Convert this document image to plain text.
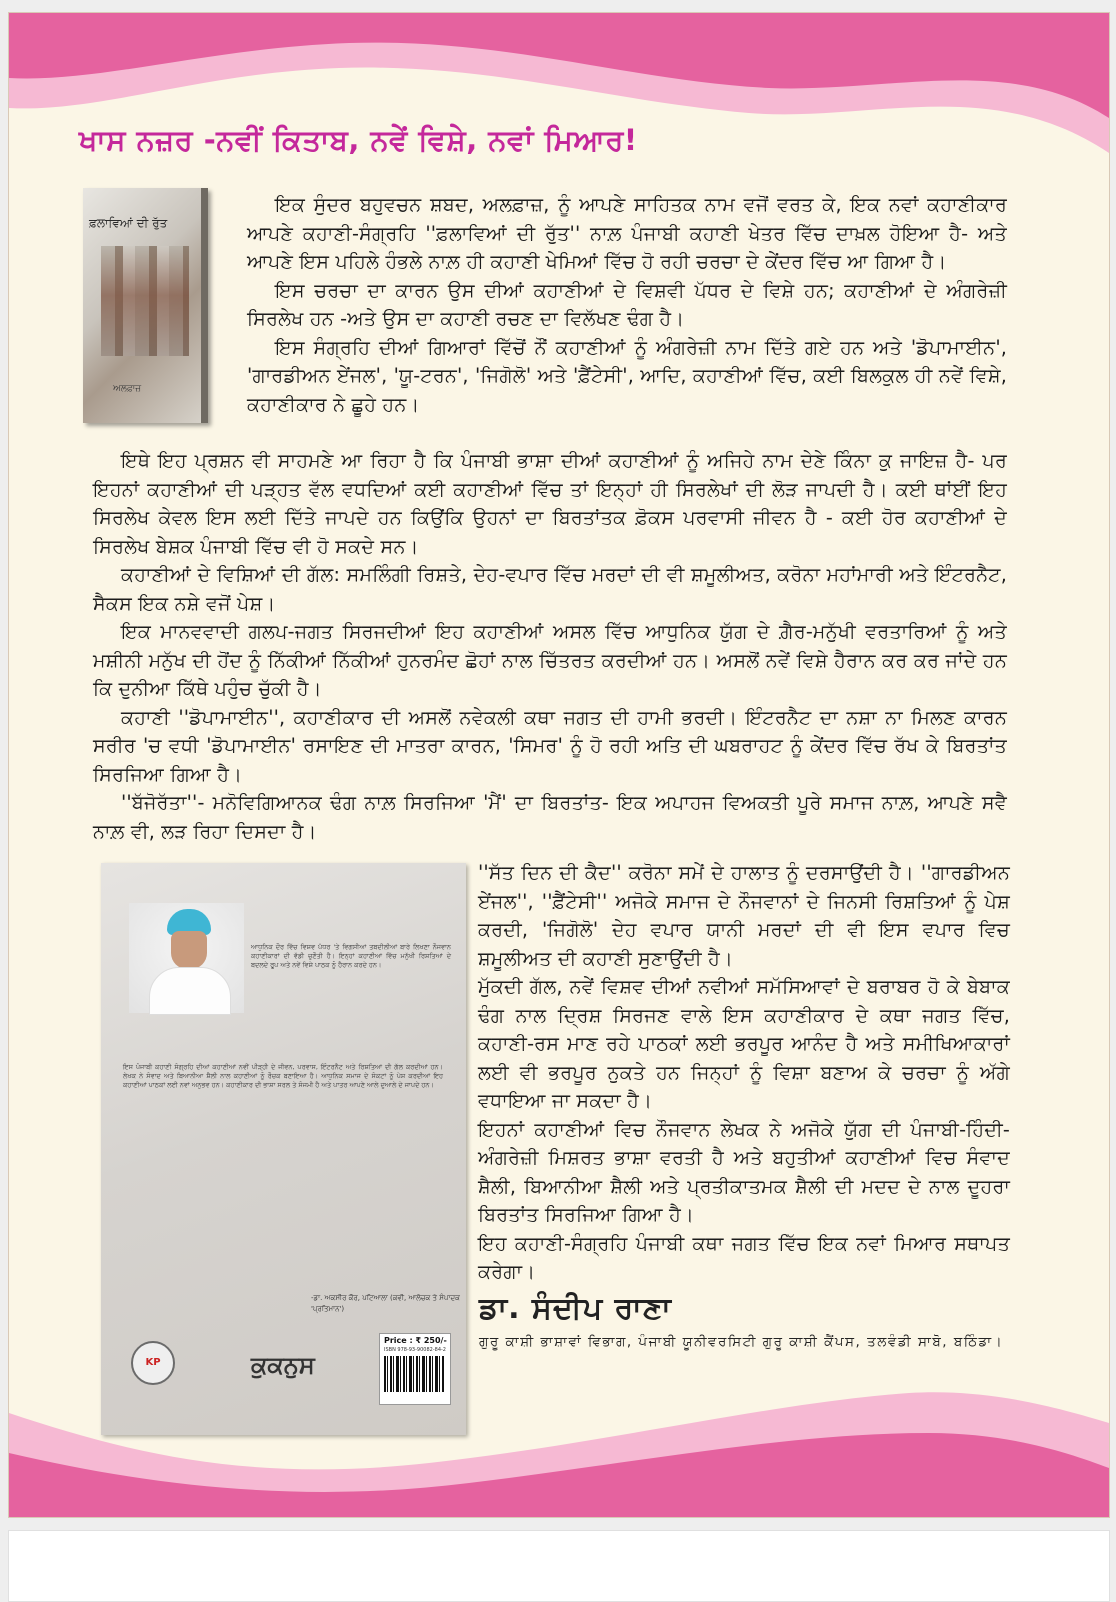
ਖਾਸ ਨਜ਼ਰ -ਨਵੀਂ ਕਿਤਾਬ, ਨਵੇਂ ਵਿਸ਼ੇ, ਨਵਾਂ ਮਿਆਰ!
ਫ਼ਲਾਵਿਆਂ ਦੀ ਰੁੱਤ
ਅਲਫ਼ਾਜ਼

ਇਕ ਸੁੰਦਰ ਬਹੁਵਚਨ ਸ਼ਬਦ, ਅਲਫ਼ਾਜ਼, ਨੂੰ ਆਪਣੇ ਸਾਹਿਤਕ ਨਾਮ ਵਜੋਂ ਵਰਤ ਕੇ, ਇਕ ਨਵਾਂ ਕਹਾਣੀਕਾਰ ਆਪਣੇ ਕਹਾਣੀ-ਸੰਗ੍ਰਹਿ ''ਫ਼ਲਾਵਿਆਂ ਦੀ ਰੁੱਤ'' ਨਾਲ਼ ਪੰਜਾਬੀ ਕਹਾਣੀ ਖੇਤਰ ਵਿੱਚ ਦਾਖ਼ਲ ਹੋਇਆ ਹੈ- ਅਤੇ ਆਪਣੇ ਇਸ ਪਹਿਲੇ ਹੰਭਲੇ ਨਾਲ਼ ਹੀ ਕਹਾਣੀ ਖੇਮਿਆਂ ਵਿੱਚ ਹੋ ਰਹੀ ਚਰਚਾ ਦੇ ਕੇਂਦਰ ਵਿੱਚ ਆ ਗਿਆ ਹੈ।

ਇਸ ਚਰਚਾ ਦਾ ਕਾਰਨ ਉਸ ਦੀਆਂ ਕਹਾਣੀਆਂ ਦੇ ਵਿਸ਼ਵੀ ਪੱਧਰ ਦੇ ਵਿਸ਼ੇ ਹਨ; ਕਹਾਣੀਆਂ ਦੇ ਅੰਗਰੇਜ਼ੀ ਸਿਰਲੇਖ ਹਨ -ਅਤੇ ਉਸ ਦਾ ਕਹਾਣੀ ਰਚਣ ਦਾ ਵਿਲੱਖਣ ਢੰਗ ਹੈ।

ਇਸ ਸੰਗ੍ਰਹਿ ਦੀਆਂ ਗਿਆਰਾਂ ਵਿੱਚੋਂ ਨੌਂ ਕਹਾਣੀਆਂ ਨੂੰ ਅੰਗਰੇਜ਼ੀ ਨਾਮ ਦਿੱਤੇ ਗਏ ਹਨ ਅਤੇ 'ਡੋਪਾਮਾਈਨ', 'ਗਾਰਡੀਅਨ ਏਂਜਲ', 'ਯੂ-ਟਰਨ', 'ਜਿਗੋਲੋ' ਅਤੇ 'ਫ਼ੈਂਟੇਸੀ', ਆਦਿ, ਕਹਾਣੀਆਂ ਵਿੱਚ, ਕਈ ਬਿਲਕੁਲ ਹੀ ਨਵੇਂ ਵਿਸ਼ੇ, ਕਹਾਣੀਕਾਰ ਨੇ ਛੂਹੇ ਹਨ।

ਇਥੇ ਇਹ ਪ੍ਰਸ਼ਨ ਵੀ ਸਾਹਮਣੇ ਆ ਰਿਹਾ ਹੈ ਕਿ ਪੰਜਾਬੀ ਭਾਸ਼ਾ ਦੀਆਂ ਕਹਾਣੀਆਂ ਨੂੰ ਅਜਿਹੇ ਨਾਮ ਦੇਣੇ ਕਿੰਨਾ ਕੁ ਜਾਇਜ਼ ਹੈ- ਪਰ ਇਹਨਾਂ ਕਹਾਣੀਆਂ ਦੀ ਪੜ੍ਹਤ ਵੱਲ ਵਧਦਿਆਂ ਕਈ ਕਹਾਣੀਆਂ ਵਿੱਚ ਤਾਂ ਇਨ੍ਹਾਂ ਹੀ ਸਿਰਲੇਖਾਂ ਦੀ ਲੋੜ ਜਾਪਦੀ ਹੈ। ਕਈ ਥਾਂਈਂ ਇਹ ਸਿਰਲੇਖ ਕੇਵਲ ਇਸ ਲਈ ਦਿੱਤੇ ਜਾਪਦੇ ਹਨ ਕਿਉਂਕਿ ਉਹਨਾਂ ਦਾ ਬਿਰਤਾਂਤਕ ਫ਼ੋਕਸ ਪਰਵਾਸੀ ਜੀਵਨ ਹੈ - ਕਈ ਹੋਰ ਕਹਾਣੀਆਂ ਦੇ ਸਿਰਲੇਖ ਬੇਸ਼ਕ ਪੰਜਾਬੀ ਵਿੱਚ ਵੀ ਹੋ ਸਕਦੇ ਸਨ।

ਕਹਾਣੀਆਂ ਦੇ ਵਿਸ਼ਿਆਂ ਦੀ ਗੱਲ: ਸਮਲਿੰਗੀ ਰਿਸ਼ਤੇ, ਦੇਹ-ਵਪਾਰ ਵਿੱਚ ਮਰਦਾਂ ਦੀ ਵੀ ਸ਼ਮੂਲੀਅਤ, ਕਰੋਨਾ ਮਹਾਂਮਾਰੀ ਅਤੇ ਇੰਟਰਨੈਟ, ਸੈਕਸ ਇਕ ਨਸ਼ੇ ਵਜੋਂ ਪੇਸ਼।

ਇਕ ਮਾਨਵਵਾਦੀ ਗਲਪ-ਜਗਤ ਸਿਰਜਦੀਆਂ ਇਹ ਕਹਾਣੀਆਂ ਅਸਲ ਵਿੱਚ ਆਧੁਨਿਕ ਯੁੱਗ ਦੇ ਗ਼ੈਰ-ਮਨੁੱਖੀ ਵਰਤਾਰਿਆਂ ਨੂੰ ਅਤੇ ਮਸ਼ੀਨੀ ਮਨੁੱਖ ਦੀ ਹੋਂਦ ਨੂੰ ਨਿੱਕੀਆਂ ਨਿੱਕੀਆਂ ਹੁਨਰਮੰਦ ਛੋਹਾਂ ਨਾਲ ਚਿੱਤਰਤ ਕਰਦੀਆਂ ਹਨ। ਅਸਲੋਂ ਨਵੇਂ ਵਿਸ਼ੇ ਹੈਰਾਨ ਕਰ ਕਰ ਜਾਂਦੇ ਹਨ ਕਿ ਦੁਨੀਆ ਕਿੱਥੇ ਪਹੁੰਚ ਚੁੱਕੀ ਹੈ।

ਕਹਾਣੀ ''ਡੋਪਾਮਾਈਨ'', ਕਹਾਣੀਕਾਰ ਦੀ ਅਸਲੋਂ ਨਵੇਕਲੀ ਕਥਾ ਜਗਤ ਦੀ ਹਾਮੀ ਭਰਦੀ। ਇੰਟਰਨੈਟ ਦਾ ਨਸ਼ਾ ਨਾ ਮਿਲਣ ਕਾਰਨ ਸਰੀਰ 'ਚ ਵਧੀ 'ਡੋਪਾਮਾਈਨ' ਰਸਾਇਣ ਦੀ ਮਾਤਰਾ ਕਾਰਨ, 'ਸਿਮਰ' ਨੂੰ ਹੋ ਰਹੀ ਅਤਿ ਦੀ ਘਬਰਾਹਟ ਨੂੰ ਕੇਂਦਰ ਵਿੱਚ ਰੱਖ ਕੇ ਬਿਰਤਾਂਤ ਸਿਰਜਿਆ ਗਿਆ ਹੈ।

''ਬੱਜੋਰੱਤਾ''- ਮਨੋਵਿਗਿਆਨਕ ਢੰਗ ਨਾਲ਼ ਸਿਰਜਿਆ 'ਮੈਂ' ਦਾ ਬਿਰਤਾਂਤ- ਇਕ ਅਪਾਹਜ ਵਿਅਕਤੀ ਪੂਰੇ ਸਮਾਜ ਨਾਲ਼, ਆਪਣੇ ਸਵੈ ਨਾਲ਼ ਵੀ, ਲੜ ਰਿਹਾ ਦਿਸਦਾ ਹੈ।

ਆਧੁਨਿਕ ਦੌਰ ਵਿੱਚ ਵਿਸ਼ਵ ਪੱਧਰ 'ਤੇ ਵਿਗਸੀਆਂ ਤਬਦੀਲੀਆਂ ਬਾਰੇ ਲਿਖਣਾ ਨੌਜਵਾਨ ਕਹਾਣੀਕਾਰਾਂ ਦੀ ਵੱਡੀ ਚੁਣੌਤੀ ਹੈ। ਇਨ੍ਹਾਂ ਕਹਾਣੀਆਂ ਵਿੱਚ ਮਨੁੱਖੀ ਰਿਸ਼ਤਿਆਂ ਦੇ ਬਦਲਦੇ ਰੂਪ ਅਤੇ ਨਵੇਂ ਵਿਸ਼ੇ ਪਾਠਕ ਨੂੰ ਹੈਰਾਨ ਕਰਦੇ ਹਨ।
ਇਸ ਪੰਜਾਬੀ ਕਹਾਣੀ ਸੰਗ੍ਰਹਿ ਦੀਆਂ ਕਹਾਣੀਆਂ ਨਵੀਂ ਪੀੜ੍ਹੀ ਦੇ ਜੀਵਨ, ਪਰਵਾਸ, ਇੰਟਰਨੈਟ ਅਤੇ ਰਿਸ਼ਤਿਆਂ ਦੀ ਗੱਲ ਕਰਦੀਆਂ ਹਨ। ਲੇਖਕ ਨੇ ਸੰਵਾਦ ਅਤੇ ਬਿਆਨੀਆ ਸ਼ੈਲੀ ਨਾਲ ਕਹਾਣੀਆਂ ਨੂੰ ਰੌਚਕ ਬਣਾਇਆ ਹੈ। ਆਧੁਨਿਕ ਸਮਾਜ ਦੇ ਸੰਕਟਾਂ ਨੂੰ ਪੇਸ਼ ਕਰਦੀਆਂ ਇਹ ਕਹਾਣੀਆਂ ਪਾਠਕਾਂ ਲਈ ਨਵਾਂ ਅਨੁਭਵ ਹਨ। ਕਹਾਣੀਕਾਰ ਦੀ ਭਾਸ਼ਾ ਸਰਲ ਤੇ ਸੰਜਮੀ ਹੈ ਅਤੇ ਪਾਤਰ ਆਪਣੇ ਆਲੇ ਦੁਆਲੇ ਦੇ ਜਾਪਦੇ ਹਨ।
-ਡਾ. ਅਕਸੀਰ ਕੌਰ, ਪਟਿਆਲਾ (ਕਵੀ, ਆਲੋਚਕ ਤੇ ਸੰਪਾਦਕ 'ਪ੍ਰਤਿਮਾਨ')
KP	ਕੁਕਨੁਸ
Price : ₹ 250/-
ISBN 978-93-90082-84-2

''ਸੱਤ ਦਿਨ ਦੀ ਕੈਦ'' ਕਰੋਨਾ ਸਮੇਂ ਦੇ ਹਾਲਾਤ ਨੂੰ ਦਰਸਾਉਂਦੀ ਹੈ। ''ਗਾਰਡੀਅਨ ਏਂਜਲ'', ''ਫ਼ੈਂਟੇਸੀ'' ਅਜੋਕੇ ਸਮਾਜ ਦੇ ਨੌਜਵਾਨਾਂ ਦੇ ਜਿਨਸੀ ਰਿਸ਼ਤਿਆਂ ਨੂੰ ਪੇਸ਼ ਕਰਦੀ, 'ਜਿਗੋਲੋ' ਦੇਹ ਵਪਾਰ ਯਾਨੀ ਮਰਦਾਂ ਦੀ ਵੀ ਇਸ ਵਪਾਰ ਵਿਚ ਸ਼ਮੂਲੀਅਤ ਦੀ ਕਹਾਣੀ ਸੁਣਾਉਂਦੀ ਹੈ।

ਮੁੱਕਦੀ ਗੱਲ, ਨਵੇਂ ਵਿਸ਼ਵ ਦੀਆਂ ਨਵੀਆਂ ਸਮੱਸਿਆਵਾਂ ਦੇ ਬਰਾਬਰ ਹੋ ਕੇ ਬੇਬਾਕ ਢੰਗ ਨਾਲ ਦ੍ਰਿਸ਼ ਸਿਰਜਣ ਵਾਲੇ ਇਸ ਕਹਾਣੀਕਾਰ ਦੇ ਕਥਾ ਜਗਤ ਵਿੱਚ, ਕਹਾਣੀ-ਰਸ ਮਾਣ ਰਹੇ ਪਾਠਕਾਂ ਲਈ ਭਰਪੂਰ ਆਨੰਦ ਹੈ ਅਤੇ ਸਮੀਖਿਆਕਾਰਾਂ ਲਈ ਵੀ ਭਰਪੂਰ ਨੁਕਤੇ ਹਨ ਜਿਨ੍ਹਾਂ ਨੂੰ ਵਿਸ਼ਾ ਬਣਾਅ ਕੇ ਚਰਚਾ ਨੂੰ ਅੱਗੇ ਵਧਾਇਆ ਜਾ ਸਕਦਾ ਹੈ।

ਇਹਨਾਂ ਕਹਾਣੀਆਂ ਵਿਚ ਨੌਜਵਾਨ ਲੇਖਕ ਨੇ ਅਜੋਕੇ ਯੁੱਗ ਦੀ ਪੰਜਾਬੀ-ਹਿੰਦੀ-ਅੰਗਰੇਜ਼ੀ ਮਿਸ਼ਰਤ ਭਾਸ਼ਾ ਵਰਤੀ ਹੈ ਅਤੇ ਬਹੁਤੀਆਂ ਕਹਾਣੀਆਂ ਵਿਚ ਸੰਵਾਦ ਸ਼ੈਲੀ, ਬਿਆਨੀਆ ਸ਼ੈਲੀ ਅਤੇ ਪ੍ਰਤੀਕਾਤਮਕ ਸ਼ੈਲੀ ਦੀ ਮਦਦ ਦੇ ਨਾਲ ਦੂਹਰਾ ਬਿਰਤਾਂਤ ਸਿਰਜਿਆ ਗਿਆ ਹੈ।

ਇਹ ਕਹਾਣੀ-ਸੰਗ੍ਰਹਿ ਪੰਜਾਬੀ ਕਥਾ ਜਗਤ ਵਿੱਚ ਇਕ ਨਵਾਂ ਮਿਆਰ ਸਥਾਪਤ ਕਰੇਗਾ।

ਡਾ. ਸੰਦੀਪ ਰਾਣਾ
ਗੁਰੂ ਕਾਸ਼ੀ ਭਾਸ਼ਾਵਾਂ ਵਿਭਾਗ, ਪੰਜਾਬੀ ਯੂਨੀਵਰਸਿਟੀ ਗੁਰੂ ਕਾਸ਼ੀ ਕੈਂਪਸ, ਤਲਵੰਡੀ ਸਾਬੋ, ਬਠਿੰਡਾ।
